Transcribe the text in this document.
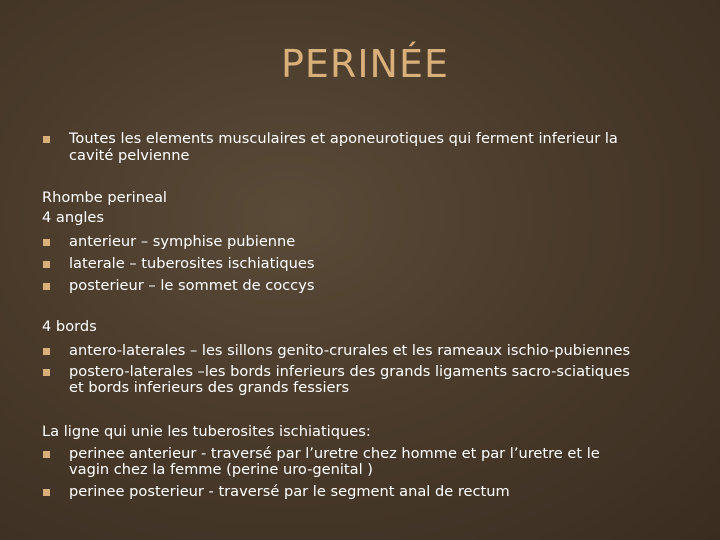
PERINÉE
Toutes les elements musculaires et aponeurotiques qui ferment inferieur la
cavité pelvienne
Rhombe perineal
4 angles
anterieur – symphise pubienne
laterale – tuberosites ischiatiques
posterieur – le sommet de coccys
4 bords
antero-laterales – les sillons genito-crurales et les rameaux ischio-pubiennes
postero-laterales –les bords inferieurs des grands ligaments sacro-sciatiques
et bords inferieurs des grands fessiers
La ligne qui unie les tuberosites ischiatiques:
perinee anterieur - traversé par l’uretre chez homme et par l’uretre et le
vagin chez la femme (perine uro-genital )
perinee posterieur - traversé par le segment anal de rectum
